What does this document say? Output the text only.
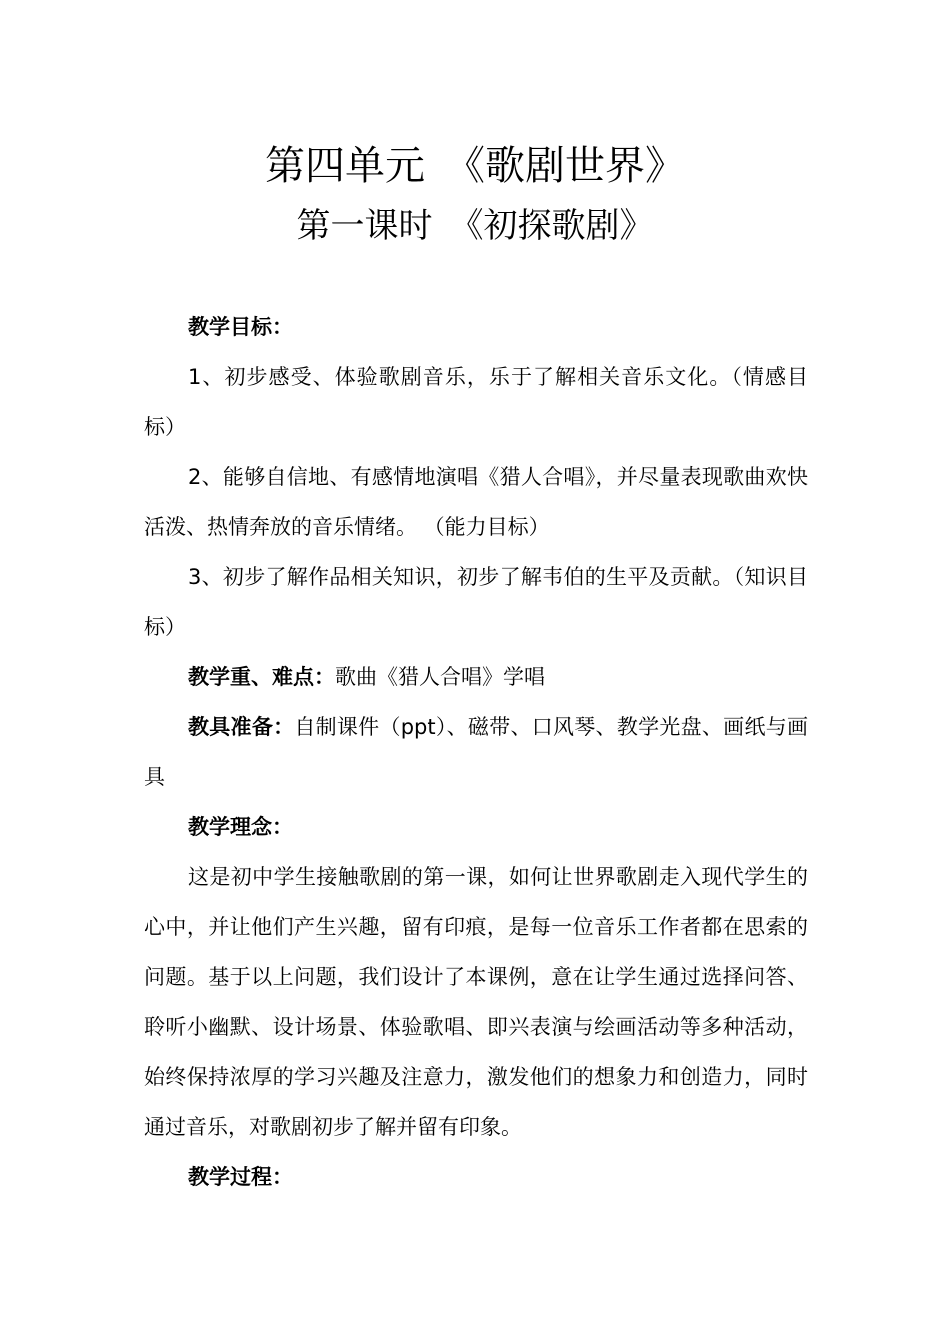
第四单元　《歌剧世界》
第一课时　《初探歌剧》

教学目标：

1、初步感受、体验歌剧音乐，乐于了解相关音乐文化。（情感目标）

2、能够自信地、有感情地演唱《猎人合唱》，并尽量表现歌曲欢快活泼、热情奔放的音乐情绪。 （能力目标）

3、初步了解作品相关知识，初步了解韦伯的生平及贡献。（知识目标）

教学重、难点：歌曲《猎人合唱》学唱

教具准备：自制课件（ppt）、磁带、口风琴、教学光盘、画纸与画具

教学理念：

这是初中学生接触歌剧的第一课，如何让世界歌剧走入现代学生的心中，并让他们产生兴趣，留有印痕，是每一位音乐工作者都在思索的问题。基于以上问题，我们设计了本课例，意在让学生通过选择问答、聆听小幽默、设计场景、体验歌唱、即兴表演与绘画活动等多种活动，始终保持浓厚的学习兴趣及注意力，激发他们的想象力和创造力，同时通过音乐，对歌剧初步了解并留有印象。

教学过程：
